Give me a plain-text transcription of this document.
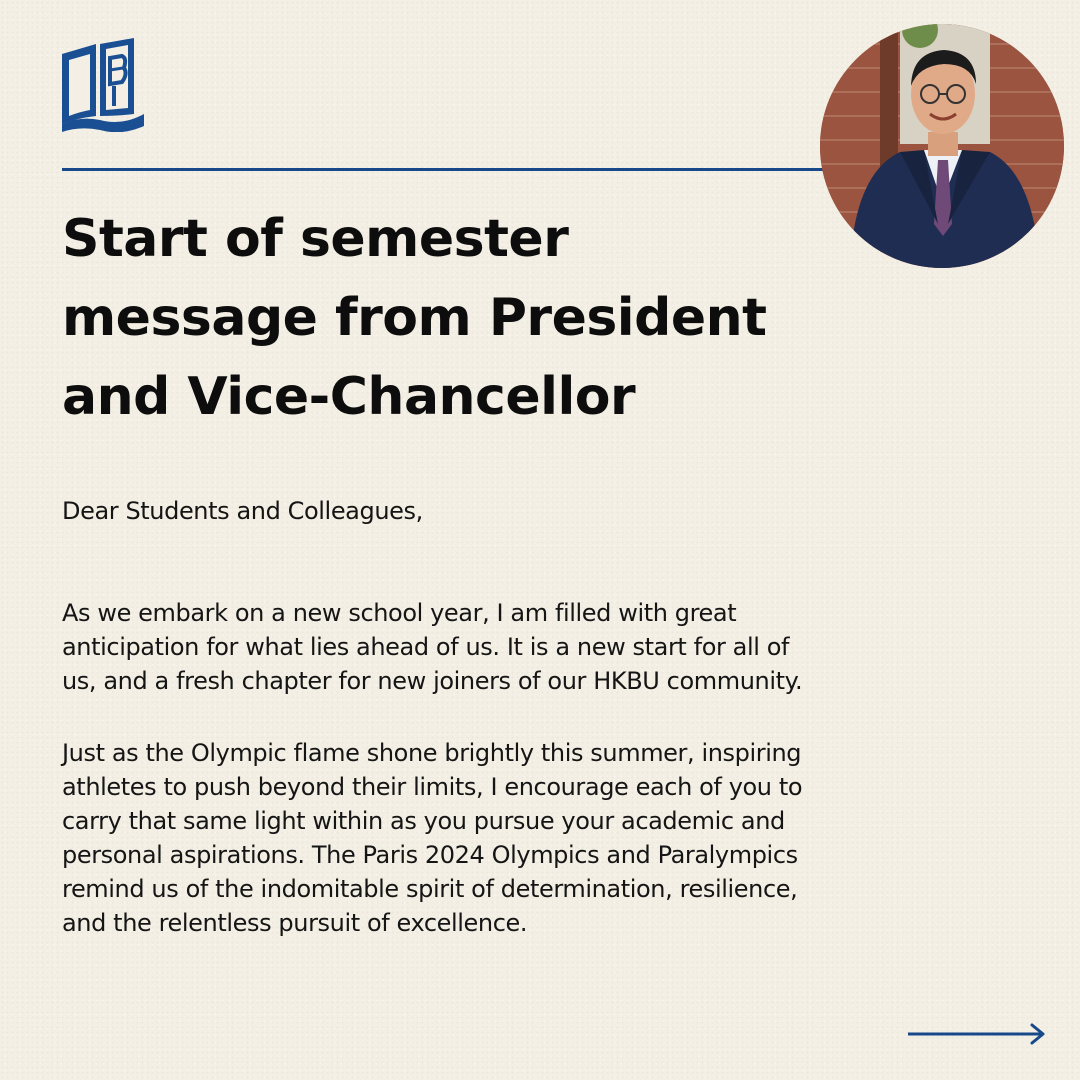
Start of semester
message from President
and Vice-Chancellor

Dear Students and Colleagues,

As we embark on a new school year, I am filled with great
anticipation for what lies ahead of us. It is a new start for all of
us, and a fresh chapter for new joiners of our HKBU community.

Just as the Olympic flame shone brightly this summer, inspiring
athletes to push beyond their limits, I encourage each of you to
carry that same light within as you pursue your academic and
personal aspirations. The Paris 2024 Olympics and Paralympics
remind us of the indomitable spirit of determination, resilience,
and the relentless pursuit of excellence.
